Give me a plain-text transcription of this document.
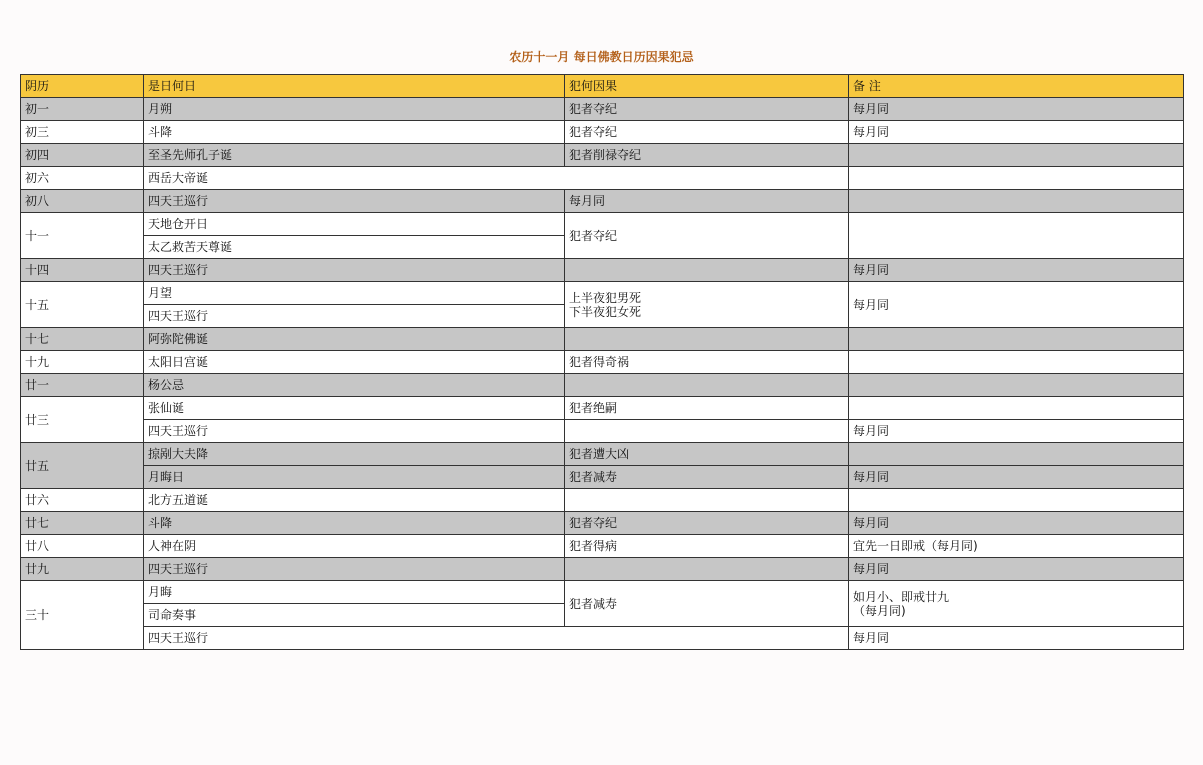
农历十一月 每日佛教日历因果犯忌
阴历	是日何日	犯何因果	备 注
初一	月朔	犯者夺纪	每月同
初三	斗降	犯者夺纪	每月同
初四	至圣先师孔子诞	犯者削禄夺纪	
初六	西岳大帝诞		
初八	四天王巡行	每月同	
十一	天地仓开日	犯者夺纪	
	太乙救苦天尊诞		
十四	四天王巡行		每月同
十五	月望	上半夜犯男死
下半夜犯女死	每月同
	四天王巡行		
十七	阿弥陀佛诞		
十九	太阳日宫诞	犯者得奇祸	
廿一	杨公忌		
廿三	张仙诞	犯者绝嗣	
	四天王巡行		每月同
廿五	掠剐大夫降	犯者遭大凶	
	月晦日	犯者减寿	每月同
廿六	北方五道诞		
廿七	斗降	犯者夺纪	每月同
廿八	人神在阴	犯者得病	宜先一日即戒（每月同)
廿九	四天王巡行		每月同
三十	月晦	犯者减寿	如月小、即戒廿九
（每月同)

	司命奏事		
	四天王巡行		每月同
